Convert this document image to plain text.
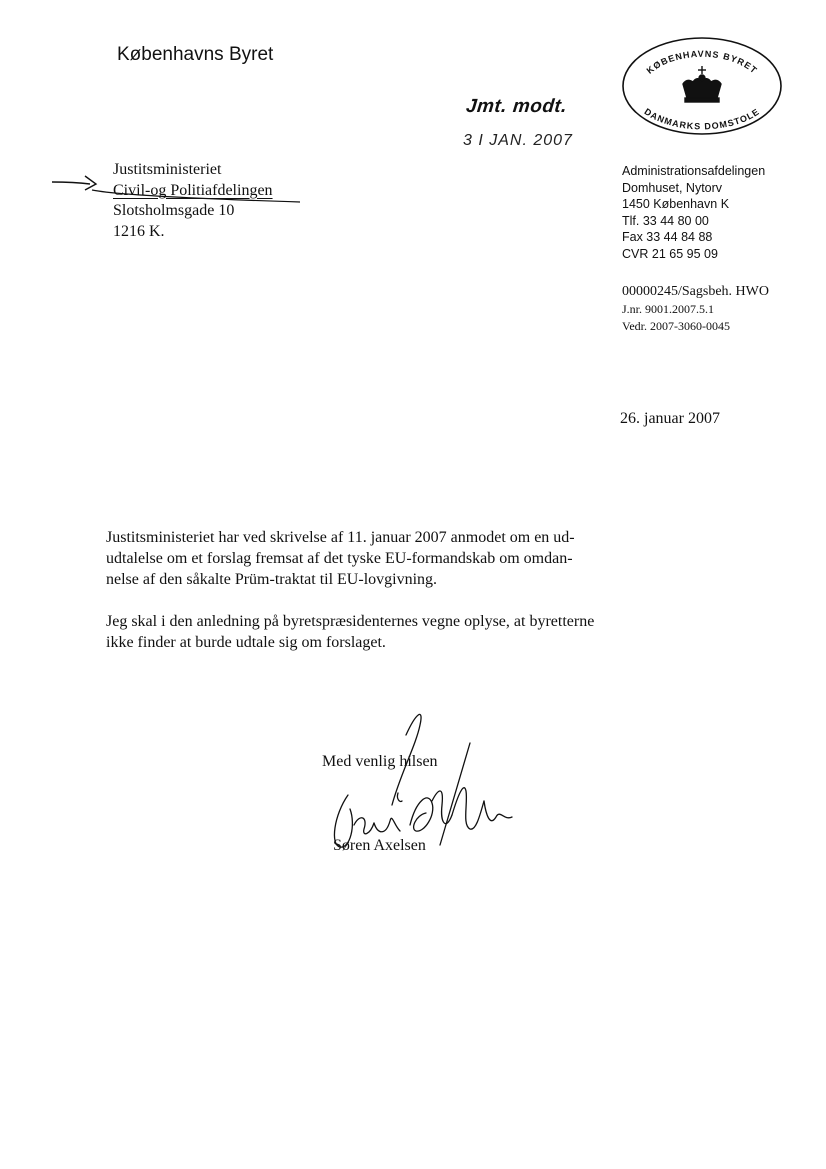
Københavns Byret
Jmt. modt.
3 I JAN. 2007
KØBENHAVNS BYRET
DANMARKS DOMSTOLE
Justitsministeriet
Civil-og Politiafdelingen
Slotsholmsgade 10
1216 K.
Administrationsafdelingen
Domhuset, Nytorv
1450 København K
Tlf. 33 44 80 00
Fax 33 44 84 88
CVR 21 65 95 09
00000245/Sagsbeh. HWO
J.nr. 9001.2007.5.1
Vedr. 2007-3060-0045
26. januar 2007

Justitsministeriet har ved skrivelse af 11. januar 2007 anmodet om en ud-
udtalelse om et forslag fremsat af det tyske EU-formandskab om omdan-
nelse af den såkalte Prüm-traktat til EU-lovgivning.

Jeg skal i den anledning på byretspræsidenternes vegne oplyse, at byretterne
ikke finder at burde udtale sig om forslaget.

Med venlig hilsen
Søren Axelsen
